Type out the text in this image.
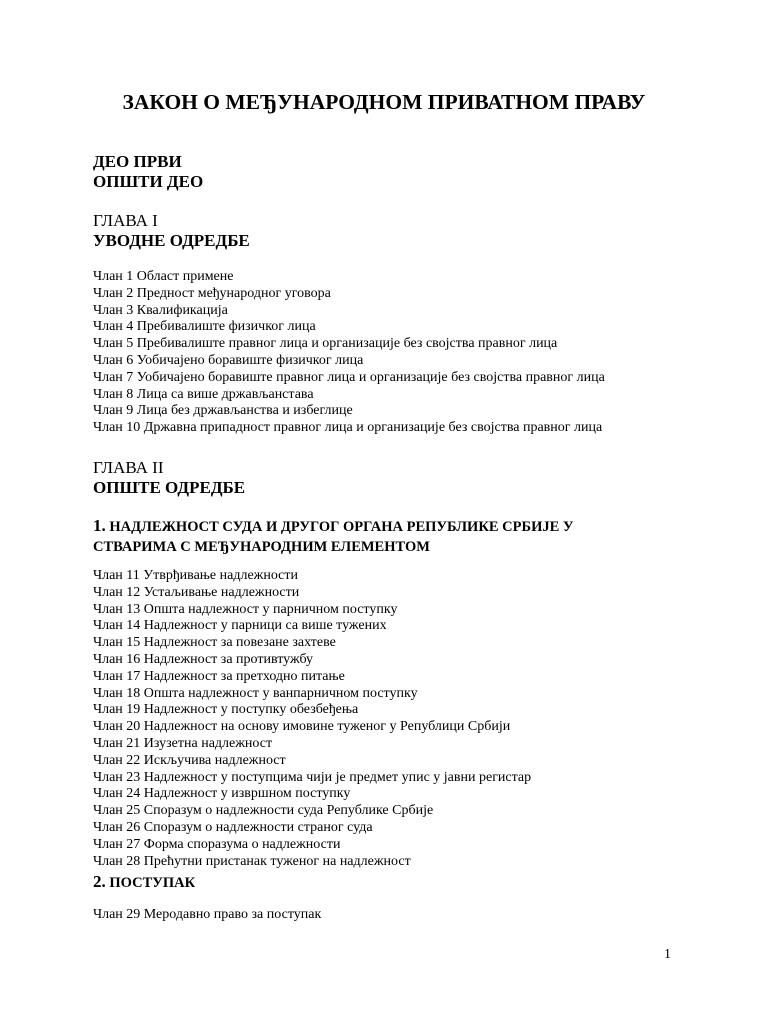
ЗАКОН О МЕЂУНАРОДНОМ ПРИВАТНОМ ПРАВУ
ДЕО ПРВИ
ОПШТИ ДЕО
ГЛАВА I
УВОДНЕ ОДРЕДБЕ
Члан 1 Област примене
Члан 2 Предност међународног уговора
Члан 3 Квалификација
Члан 4 Пребивалиште физичког лица
Члан 5 Пребивалиште правног лица и организације без својства правног лица
Члан 6 Уобичајено боравиште физичког лица
Члан 7 Уобичајено боравиште правног лица и организације без својства правног лица
Члан 8 Лица са више држављанстава
Члан 9 Лица без држављанства и избеглице
Члан 10 Државна припадност правног лица и организације без својства правног лица
ГЛАВА II
ОПШТЕ ОДРЕДБЕ
1. НАДЛЕЖНОСТ СУДА И ДРУГОГ ОРГАНА РЕПУБЛИКЕ СРБИЈЕ У
СТВАРИМА С МЕЂУНАРОДНИМ ЕЛЕМЕНТОМ
Члан 11 Утврђивање надлежности
Члан 12 Устаљивање надлежности
Члан 13 Општа надлежност у парничном поступку
Члан 14 Надлежност у парници са више тужених
Члан 15 Надлежност за повезане захтеве
Члан 16 Надлежност за противтужбу
Члан 17 Надлежност за претходно питање
Члан 18 Општа надлежност у ванпарничном поступку
Члан 19 Надлежност у поступку обезбеђења
Члан 20 Надлежност на основу имовине туженог у Републици Србији
Члан 21 Изузетна надлежност
Члан 22 Искључива надлежност
Члан 23 Надлежност у поступцима чији је предмет упис у јавни регистар
Члан 24 Надлежност у извршном поступку
Члан 25 Споразум о надлежности суда Републике Србије
Члан 26 Споразум о надлежности страног суда
Члан 27 Форма споразума о надлежности
Члан 28 Прећутни пристанак туженог на надлежност
2. ПОСТУПАК
Члан 29 Меродавно право за поступак
1
